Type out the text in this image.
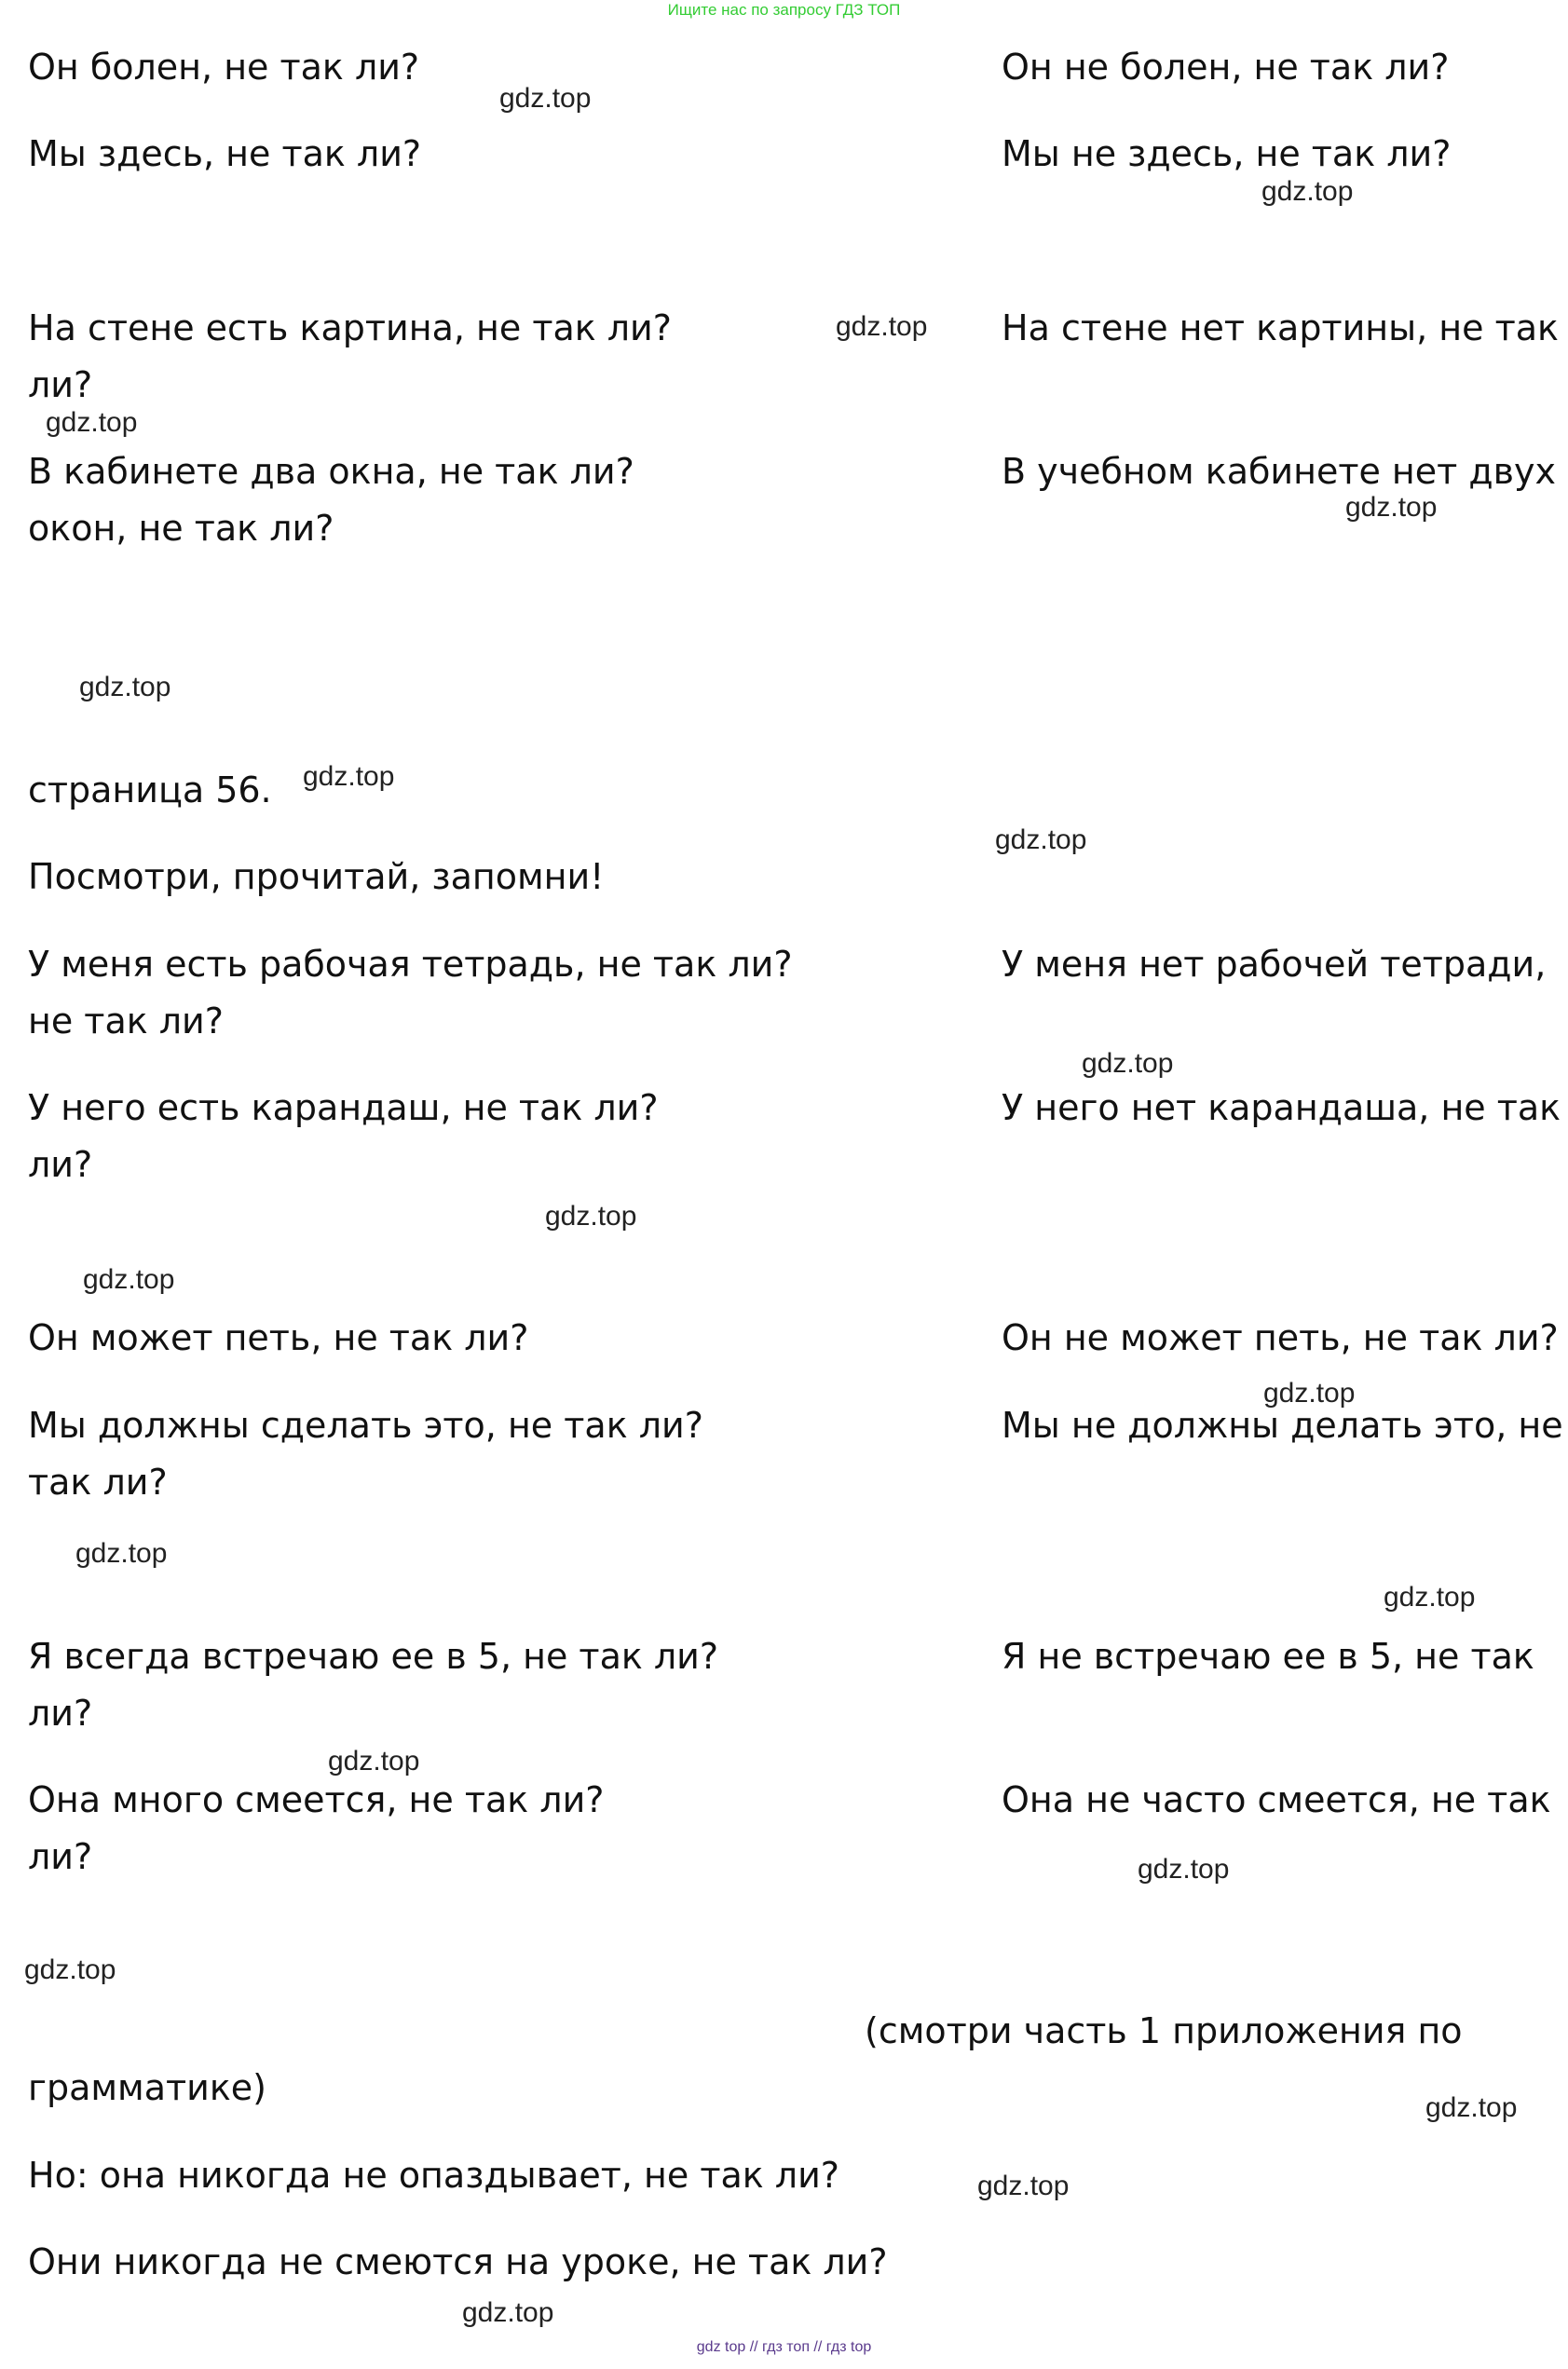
Ищите нас по запросу ГДЗ ТОП
Он болен, не так ли?	Он не болен, не так ли?
Мы здесь, не так ли?	Мы не здесь, не так ли?
На стене есть картина, не так ли?	На стене нет картины, не так
ли?
В кабинете два окна, не так ли?	В учебном кабинете нет двух
окон, не так ли?
страница 56.
Посмотри, прочитай, запомни!
У меня есть рабочая тетрадь, не так ли?	У меня нет рабочей тетради,
не так ли?
У него есть карандаш, не так ли?	У него нет карандаша, не так
ли?
Он может петь, не так ли?	Он не может петь, не так ли?
Мы должны сделать это, не так ли?	Мы не должны делать это, не
так ли?
Я всегда встречаю ее в 5, не так ли?	Я не встречаю ее в 5, не так
ли?
Она много смеется, не так ли?	Она не часто смеется, не так
ли?
(смотри часть 1 приложения по
грамматике)
Но: она никогда не опаздывает, не так ли?
Они никогда не смеются на уроке, не так ли?
gdz.top
gdz.top
gdz.top
gdz.top
gdz.top
gdz.top
gdz.top
gdz.top
gdz.top
gdz.top
gdz.top
gdz.top
gdz.top
gdz.top
gdz.top
gdz.top
gdz.top
gdz.top
gdz.top
gdz.top
gdz top // гдз топ // гдз top
